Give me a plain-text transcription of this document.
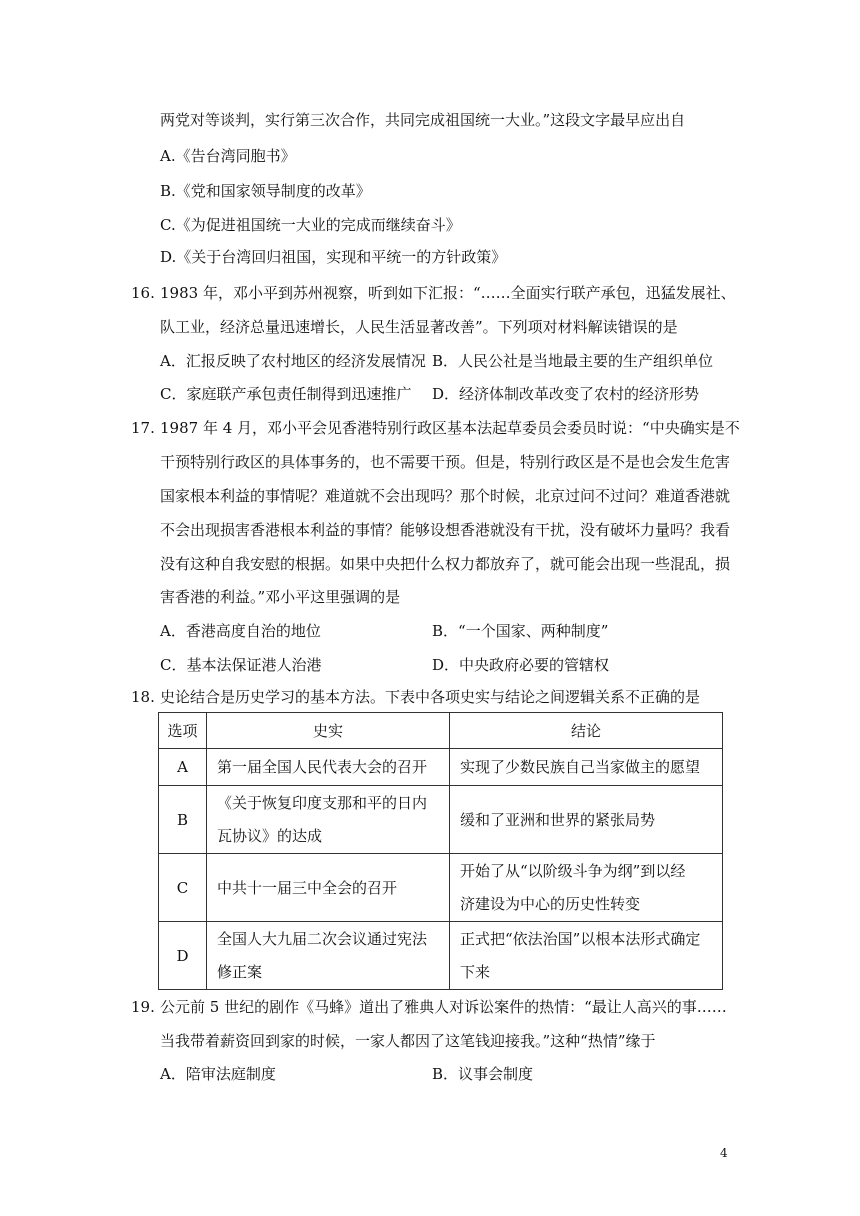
两党对等谈判，实行第三次合作，共同完成祖国统一大业。”这段文字最早应出自
A.《告台湾同胞书》
B.《党和国家领导制度的改革》
C.《为促进祖国统一大业的完成而继续奋斗》
D.《关于台湾回归祖国，实现和平统一的方针政策》
16. 1983 年，邓小平到苏州视察，听到如下汇报：“……全面实行联产承包，迅猛发展社、
队工业，经济总量迅速增长，人民生活显著改善”。下列项对材料解读错误的是
A．汇报反映了农村地区的经济发展情况 B．人民公社是当地最主要的生产组织单位
C．家庭联产承包责任制得到迅速推广 D．经济体制改革改变了农村的经济形势
17. 1987 年 4 月，邓小平会见香港特别行政区基本法起草委员会委员时说：“中央确实是不
干预特别行政区的具体事务的，也不需要干预。但是，特别行政区是不是也会发生危害
国家根本利益的事情呢？难道就不会出现吗？那个时候，北京过问不过问？难道香港就
不会出现损害香港根本利益的事情？能够设想香港就没有干扰，没有破坏力量吗？我看
没有这种自我安慰的根据。如果中央把什么权力都放弃了，就可能会出现一些混乱，损
害香港的利益。”邓小平这里强调的是
A．香港高度自治的地位	B．“一个国家、两种制度”
C．基本法保证港人治港	D．中央政府必要的管辖权
18. 史论结合是历史学习的基本方法。下表中各项史实与结论之间逻辑关系不正确的是
选项	史实	结论
A	第一届全国人民代表大会的召开	实现了少数民族自己当家做主的愿望

B	《关于恢复印度支那和平的日内
瓦协议》的达成	缓和了亚洲和世界的紧张局势

C	中共十一届三中全会的召开	开始了从“以阶级斗争为纲”到以经
济建设为中心的历史性转变

D	全国人大九届二次会议通过宪法
修正案	正式把“依法治国”以根本法形式确定
下来
19. 公元前 5 世纪的剧作《马蜂》道出了雅典人对诉讼案件的热情：“最让人高兴的事……
当我带着薪资回到家的时候，一家人都因了这笔钱迎接我。”这种“热情”缘于
A．陪审法庭制度	B．议事会制度
4
